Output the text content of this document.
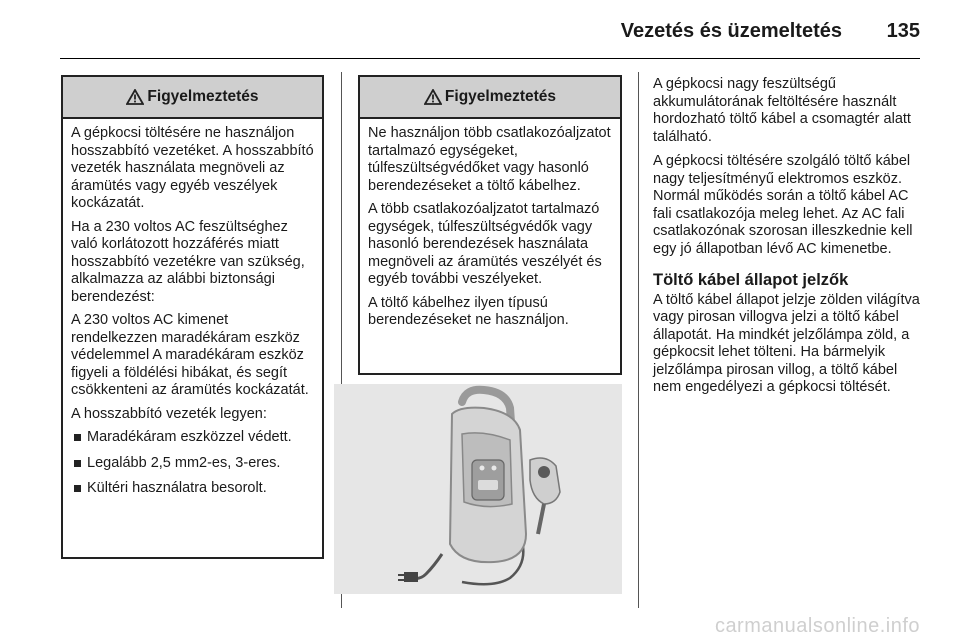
Vezetés és üzemeltetés 135
Figyelmeztetés

A gépkocsi töltésére ne használjon hosszabbító vezetéket. A hosszabbító vezeték használata megnöveli az áramütés vagy egyéb veszélyek kockázatát.

Ha a 230 voltos AC feszültséghez való korlátozott hozzáférés miatt hosszabbító vezetékre van szükség, alkalmazza az alábbi biztonsági berendezést:

A 230 voltos AC kimenet rendelkezzen maradékáram eszköz védelemmel A maradékáram eszköz figyeli a földélési hibákat, és segít csökkenteni az áramütés kockázatát.

A hosszabbító vezeték legyen:

Maradékáram eszközzel védett.
Legalább 2,5 mm2-es, 3-eres.
Kültéri használatra besorolt.
Figyelmeztetés

Ne használjon több csatlakozóaljzatot tartalmazó egységeket, túlfeszültségvédőket vagy hasonló berendezéseket a töltő kábelhez.

A több csatlakozóaljzatot tartalmazó egységek, túlfeszültségvédők vagy hasonló berendezések használata megnöveli az áramütés veszélyét és egyéb további veszélyeket.

A töltő kábelhez ilyen típusú berendezéseket ne használjon.

A gépkocsi nagy feszültségű akkumulátorának feltöltésére használt hordozható töltő kábel a csomagtér alatt található.

A gépkocsi töltésére szolgáló töltő kábel nagy teljesítményű elektromos eszköz. Normál működés során a töltő kábel AC fali csatlakozója meleg lehet. Az AC fali csatlakozónak szorosan illeszkednie kell egy jó állapotban lévő AC kimenetbe.

Töltő kábel állapot jelzők

A töltő kábel állapot jelzje zölden világítva vagy pirosan villogva jelzi a töltő kábel állapotát. Ha mindkét jelzőlámpa zöld, a gépkocsit lehet tölteni. Ha bármelyik jelzőlámpa pirosan villog, a töltő kábel nem engedélyezi a gépkocsi töltését.

carmanualsonline.info
